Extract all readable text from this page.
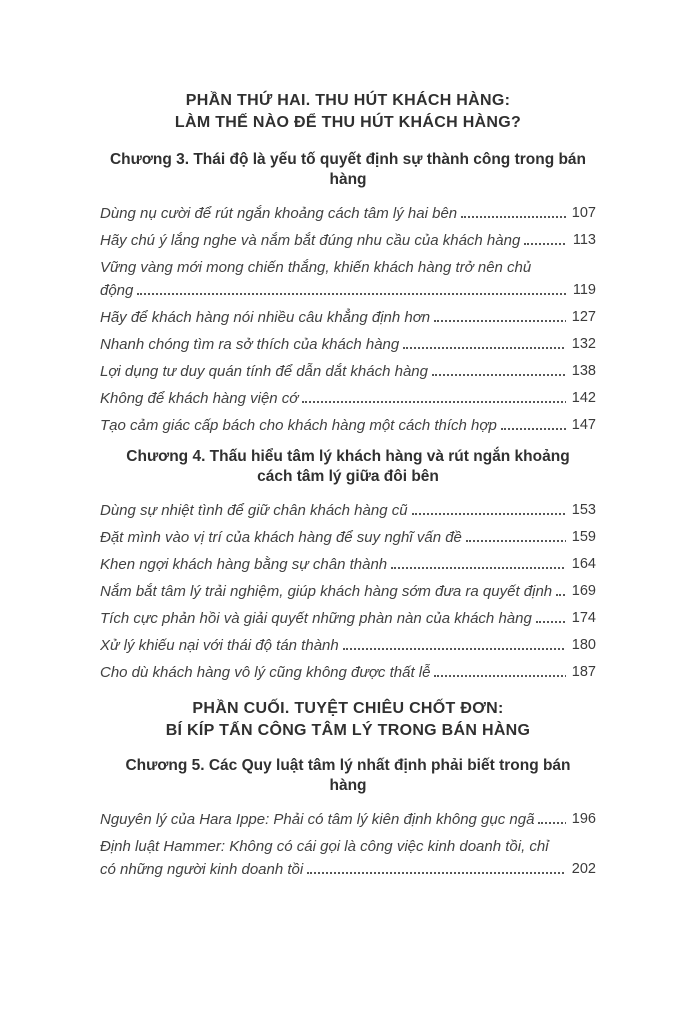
PHẦN THỨ HAI. THU HÚT KHÁCH HÀNG:
LÀM THẾ NÀO ĐỂ THU HÚT KHÁCH HÀNG?
Chương 3. Thái độ là yếu tố quyết định sự thành công trong bán hàng
Dùng nụ cười để rút ngắn khoảng cách tâm lý hai bên	107
Hãy chú ý lắng nghe và nắm bắt đúng nhu cầu của khách hàng	113
Vững vàng mới mong chiến thắng, khiến khách hàng trở nên chủ động	119
Hãy để khách hàng nói nhiều câu khẳng định hơn	127
Nhanh chóng tìm ra sở thích của khách hàng	132
Lợi dụng tư duy quán tính để dẫn dắt khách hàng	138
Không để khách hàng viện cớ	142
Tạo cảm giác cấp bách cho khách hàng một cách thích hợp	147
Chương 4. Thấu hiểu tâm lý khách hàng và rút ngắn khoảng cách tâm lý giữa đôi bên
Dùng sự nhiệt tình để giữ chân khách hàng cũ	153
Đặt mình vào vị trí của khách hàng để suy nghĩ vấn đề	159
Khen ngợi khách hàng bằng sự chân thành	164
Nắm bắt tâm lý trải nghiệm, giúp khách hàng sớm đưa ra quyết định	169
Tích cực phản hồi và giải quyết những phàn nàn của khách hàng	174
Xử lý khiếu nại với thái độ tán thành	180
Cho dù khách hàng vô lý cũng không được thất lễ	187
PHẦN CUỐI. TUYỆT CHIÊU CHỐT ĐƠN:
BÍ KÍP TẤN CÔNG TÂM LÝ TRONG BÁN HÀNG
Chương 5. Các Quy luật tâm lý nhất định phải biết trong bán hàng
Nguyên lý của Hara Ippe: Phải có tâm lý kiên định không gục ngã	196
Định luật Hammer: Không có cái gọi là công việc kinh doanh tồi, chỉ có những người kinh doanh tồi	202
